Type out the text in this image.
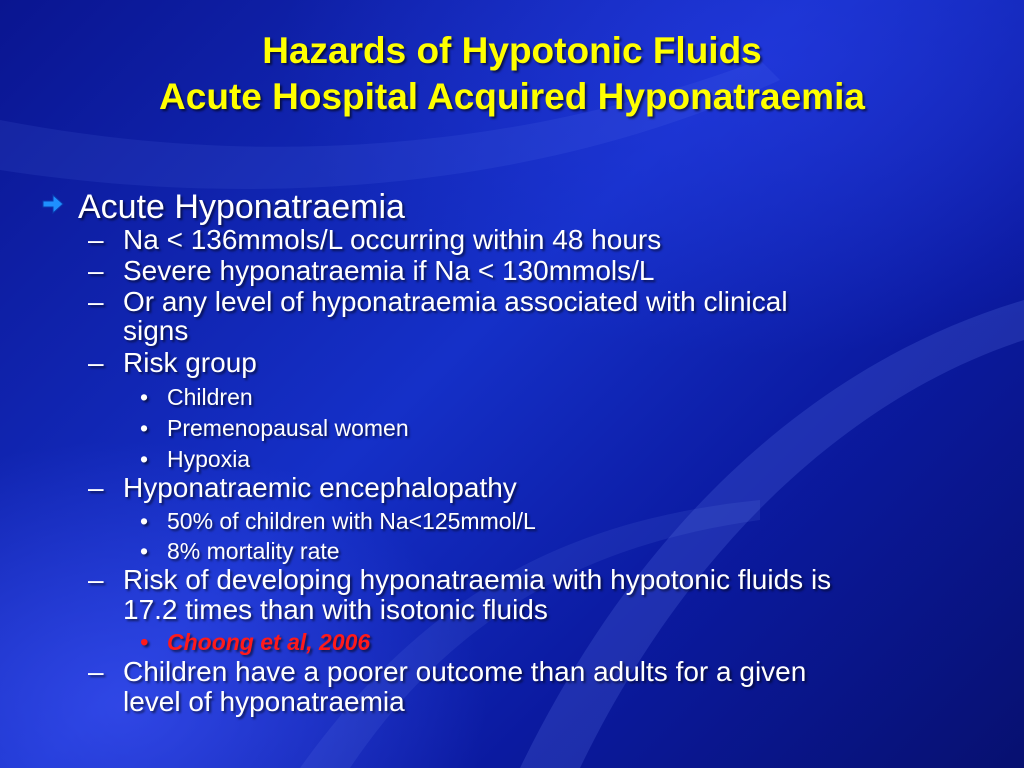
Hazards of Hypotonic Fluids
Acute Hospital Acquired Hyponatraemia
Acute Hyponatraemia
– Na < 136mmols/L occurring within 48 hours
– Severe hyponatraemia if Na < 130mmols/L
– Or any level of hyponatraemia associated with clinical
signs
– Risk group
• Children
• Premenopausal women
• Hypoxia
– Hyponatraemic encephalopathy
• 50% of children with Na<125mmol/L
• 8% mortality rate
– Risk of developing hyponatraemia with hypotonic fluids is
17.2 times than with isotonic fluids
• Choong et al, 2006
– Children have a poorer outcome than adults for a given
level of hyponatraemia
